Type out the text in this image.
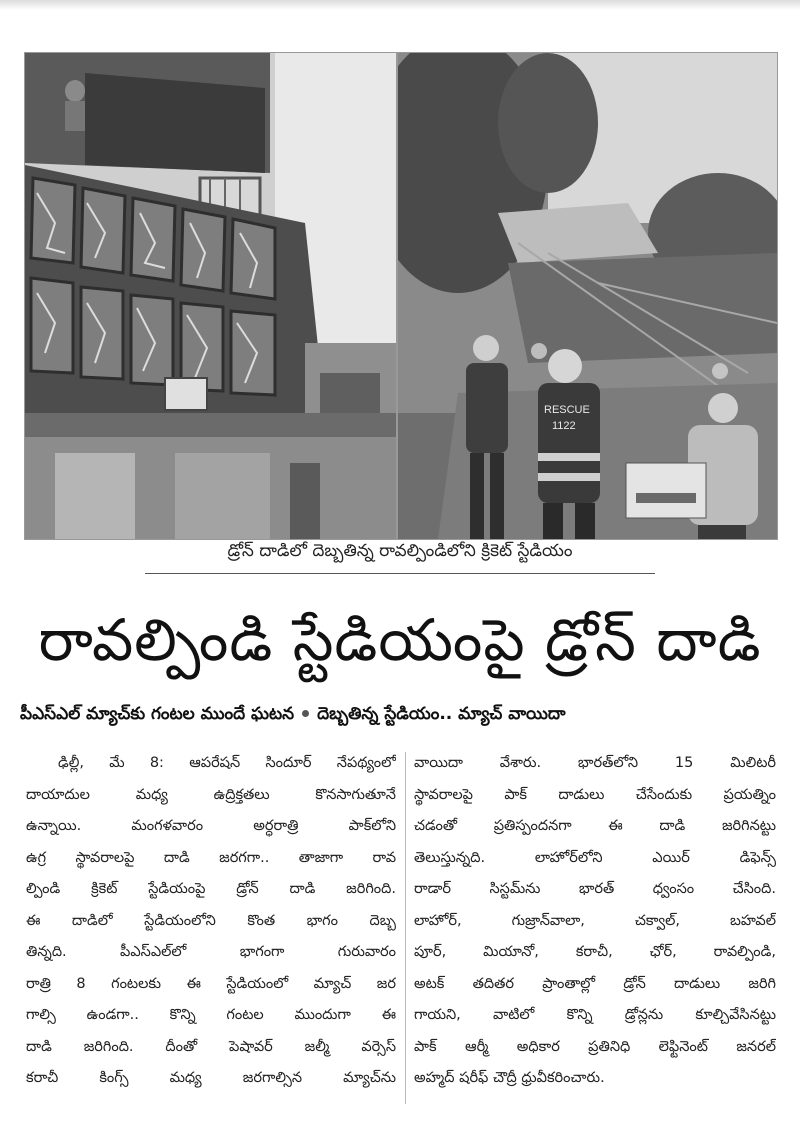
RESCUE
1122
డ్రోన్ దాడిలో దెబ్బతిన్న రావల్పిండిలోని క్రికెట్ స్టేడియం
రావల్పిండి స్టేడియంపై డ్రోన్ దాడి
పీఎస్ఎల్ మ్యాచ్‌కు గంటల ముందే ఘటన దెబ్బతిన్న స్టేడియం.. మ్యాచ్ వాయిదా
ఢిల్లీ, మే 8: ఆపరేషన్ సిందూర్ నేపథ్యంలో
దాయాదుల మధ్య ఉద్రిక్తతలు కొనసాగుతూనే
ఉన్నాయి. మంగళవారం అర్ధరాత్రి పాక్‌లోని
ఉగ్ర స్థావరాలపై దాడి జరగగా.. తాజాగా రావ
ల్పిండి క్రికెట్ స్టేడియంపై డ్రోన్ దాడి జరిగింది.
ఈ దాడిలో స్టేడియంలోని కొంత భాగం దెబ్బ
తిన్నది. పీఎస్ఎల్‌లో భాగంగా గురువారం
రాత్రి 8 గంటలకు ఈ స్టేడియంలో మ్యాచ్ జర
గాల్సి ఉండగా.. కొన్ని గంటల ముందుగా ఈ
దాడి జరిగింది. దీంతో పెషావర్ జల్మీ వర్సెస్
కరాచీ కింగ్స్ మధ్య జరగాల్సిన మ్యాచ్‌ను
వాయిదా వేశారు. భారత్‌లోని 15 మిలిటరీ
స్థావరాలపై పాక్ దాడులు చేసేందుకు ప్రయత్నిం
చడంతో ప్రతిస్పందనగా ఈ దాడి జరిగినట్టు
తెలుస్తున్నది. లాహోర్‌లోని ఎయిర్ డిఫెన్స్
రాడార్ సిస్టమ్‌ను భారత్ ధ్వంసం చేసింది.
లాహోర్, గుజ్రాన్‌వాలా, చక్వాల్, బహవల్
పూర్, మియానో, కరాచీ, ఛోర్, రావల్పిండి,
అటక్ తదితర ప్రాంతాల్లో డ్రోన్ దాడులు జరిగి
గాయని, వాటిలో కొన్ని డ్రోన్లను కూల్చివేసినట్టు
పాక్ ఆర్మీ అధికార ప్రతినిధి లెఫ్టినెంట్ జనరల్
అహ్మద్ షరీఫ్ చౌద్రీ ధ్రువీకరించారు.
